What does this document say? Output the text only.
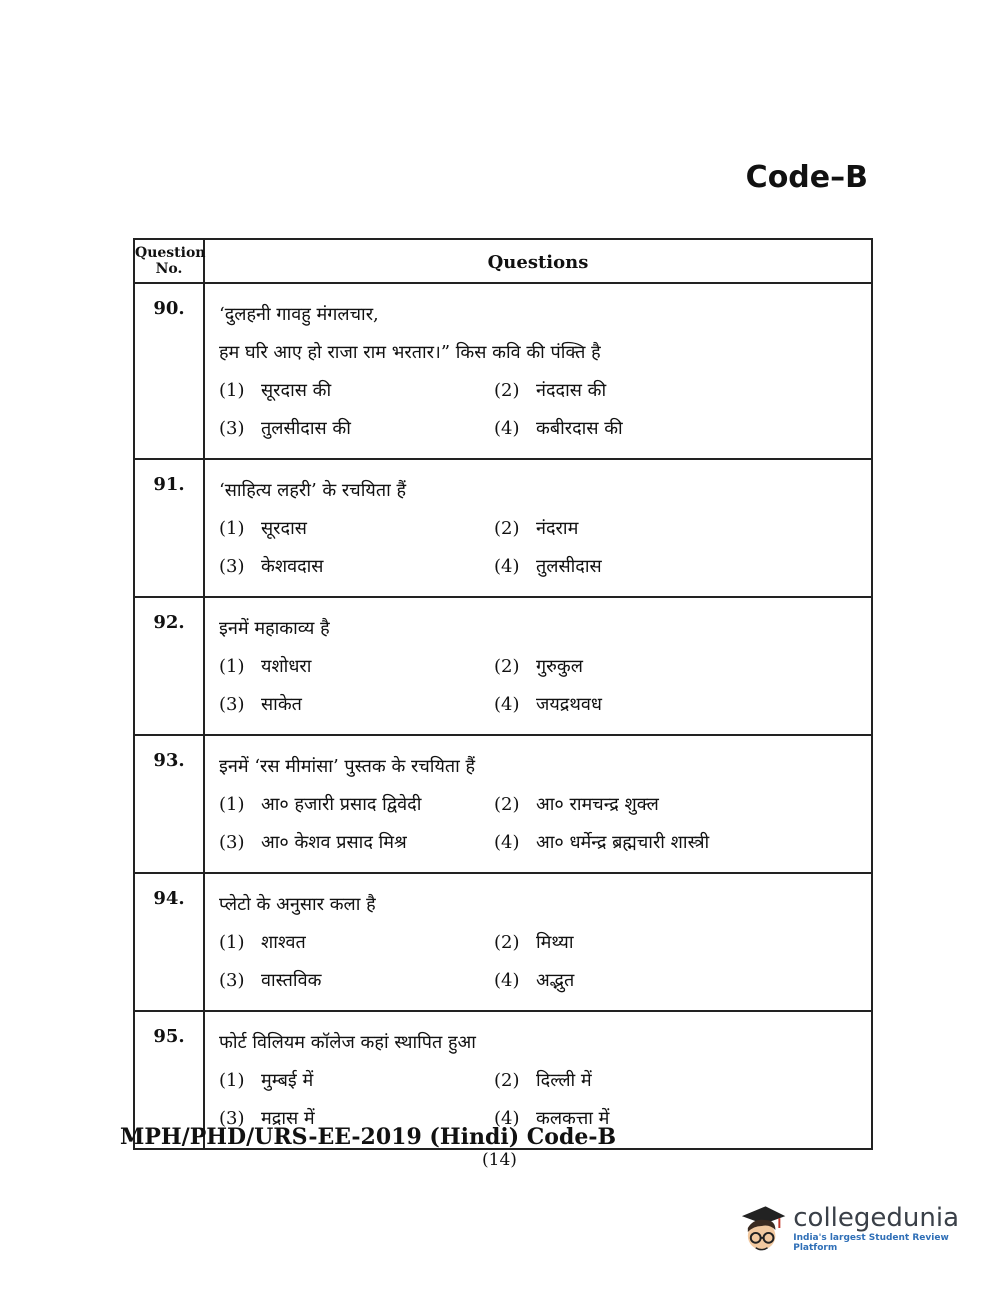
Code–B
Question No.	Questions
90.	‘दुलहनी गावहु मंगलचार,
हम घरि आए हो राजा राम भरतार।” किस कवि की पंक्ति है
(1) सूरदास की	(2) नंददास की
(3) तुलसीदास की	(4) कबीरदास की
91.	‘साहित्य लहरी’ के रचयिता हैं
(1) सूरदास	(2) नंदराम
(3) केशवदास	(4) तुलसीदास
92.	इनमें महाकाव्य है
(1) यशोधरा	(2) गुरुकुल
(3) साकेत	(4) जयद्रथवध
93.	इनमें ‘रस मीमांसा’ पुस्तक के रचयिता हैं
(1) आ० हजारी प्रसाद द्विवेदी	(2) आ० रामचन्द्र शुक्ल
(3) आ० केशव प्रसाद मिश्र	(4) आ० धर्मेन्द्र ब्रह्मचारी शास्त्री
94.	प्लेटो के अनुसार कला है
(1) शाश्वत	(2) मिथ्या
(3) वास्तविक	(4) अद्भुत
95.	फोर्ट विलियम कॉलेज कहां स्थापित हुआ
(1) मुम्बई में	(2) दिल्ली में
(3) मद्रास में	(4) कलकत्ता में
MPH/PHD/URS-EE-2019 (Hindi) Code-B
(14)
collegedunia
India's largest Student Review Platform
